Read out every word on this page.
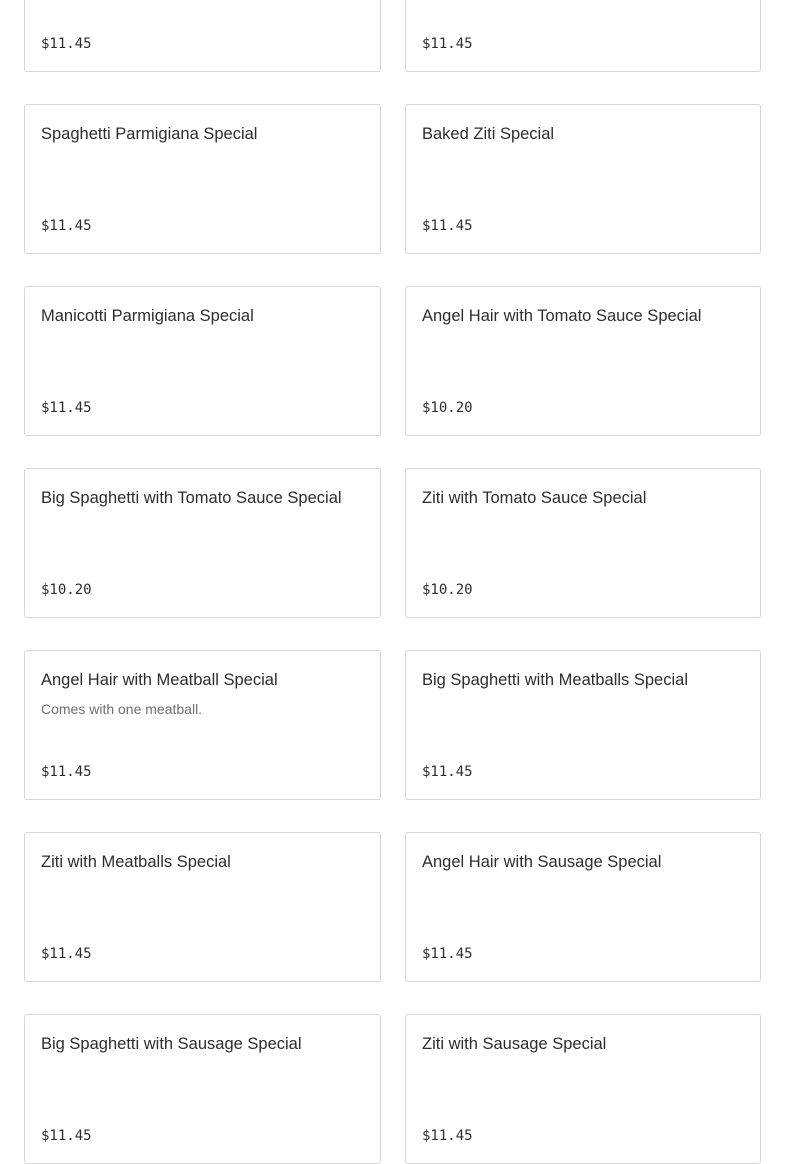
$11.45	$11.45
Spaghetti Parmigiana Special
$11.45
Baked Ziti Special
$11.45
Manicotti Parmigiana Special
$11.45
Angel Hair with Tomato Sauce Special
$10.20
Big Spaghetti with Tomato Sauce Special
$10.20
Ziti with Tomato Sauce Special
$10.20
Angel Hair with Meatball Special
Comes with one meatball.
$11.45
Big Spaghetti with Meatballs Special
$11.45
Ziti with Meatballs Special
$11.45
Angel Hair with Sausage Special
$11.45
Big Spaghetti with Sausage Special
$11.45
Ziti with Sausage Special
$11.45
